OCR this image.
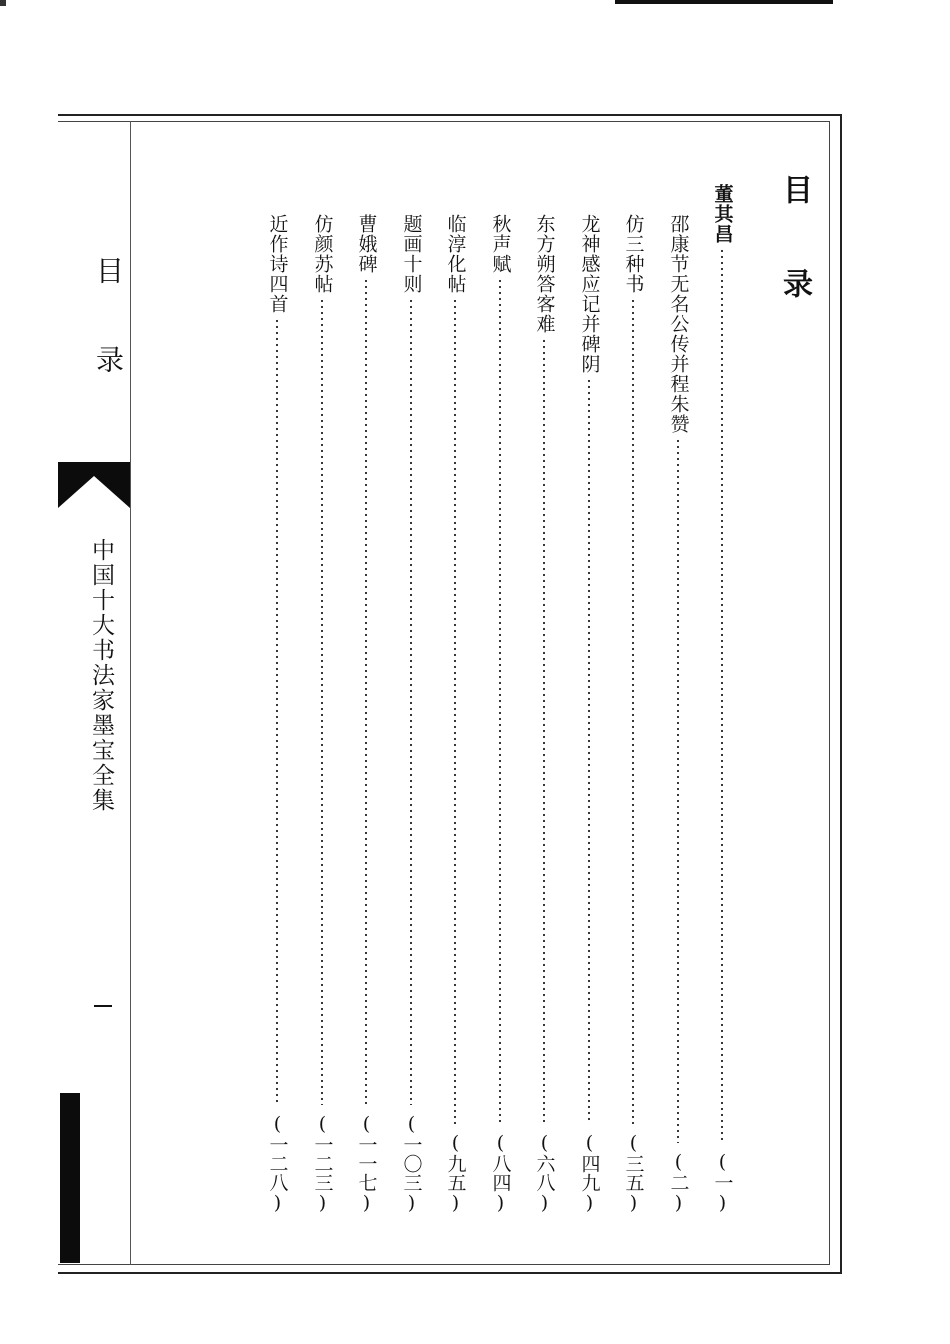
目
录
中国十大书法家墨宝全集
目
录
董其昌
(一)
邵康节无名公传并程朱赞
(二)
仿三种书
(三五)
龙神感应记并碑阴
(四九)
东方朔答客难
(六八)
秋声赋
(八四)
临淳化帖
(九五)
题画十则
(一〇三)
曹娥碑
(一一七)
仿颜苏帖
(一二三)
近作诗四首
(一二八)
